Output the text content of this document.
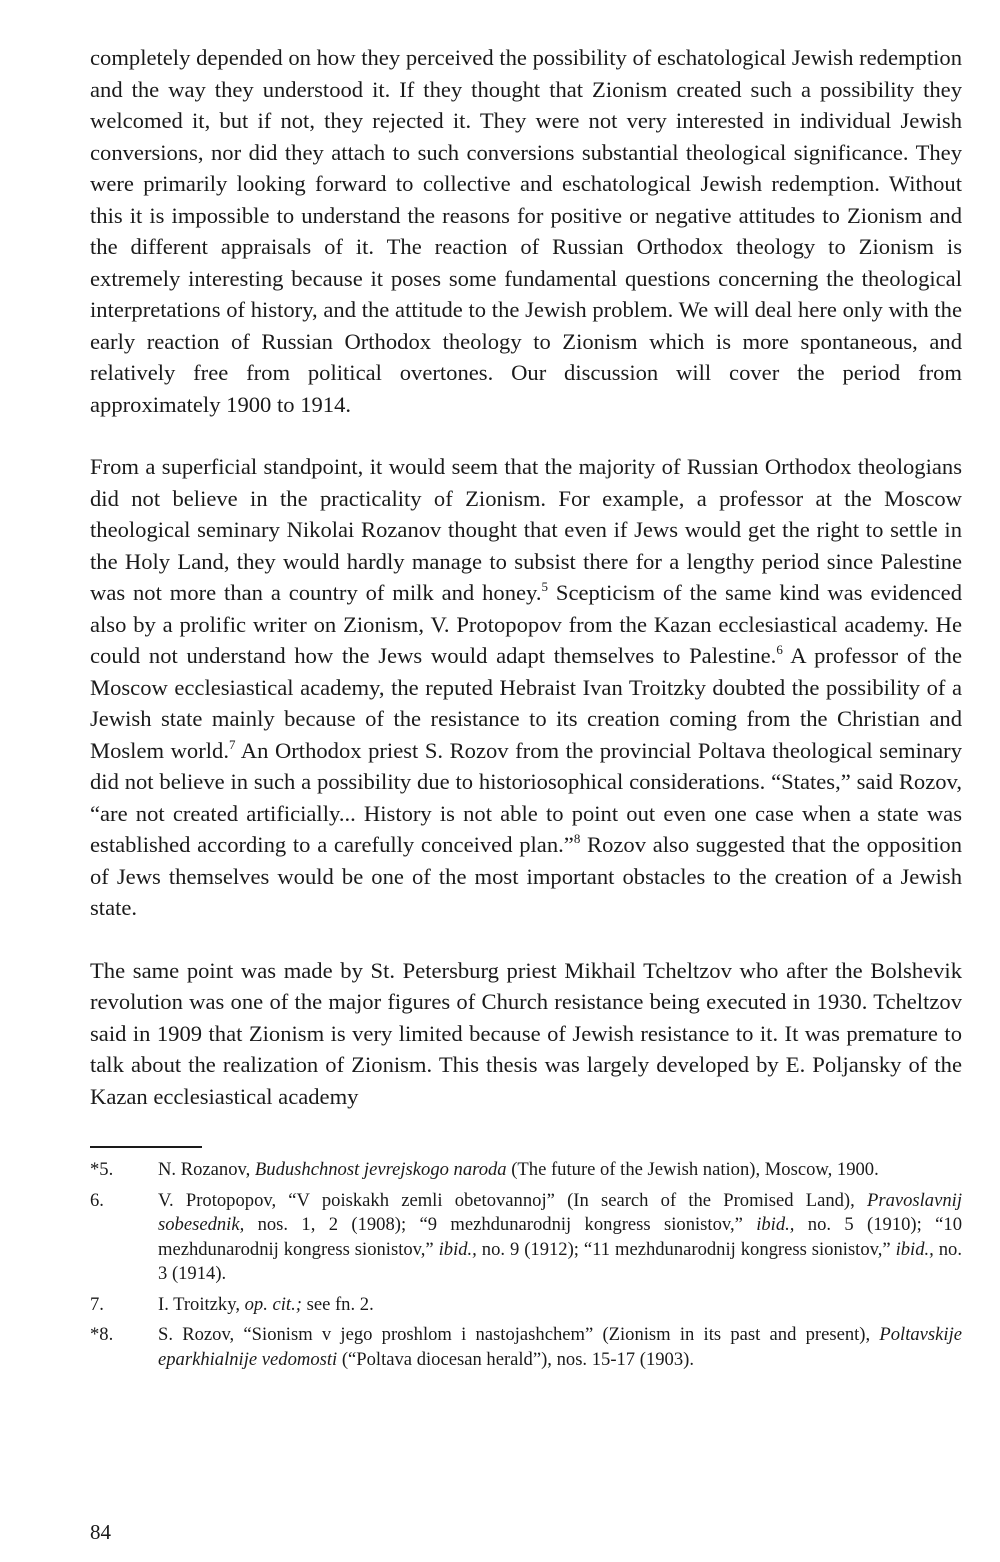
completely depended on how they perceived the possibility of eschatological Jewish redemption and the way they understood it. If they thought that Zionism created such a possibility they welcomed it, but if not, they rejected it. They were not very interested in individual Jewish conversions, nor did they attach to such conversions substantial theological significance. They were primarily looking forward to collective and eschatological Jewish redemption. Without this it is impossible to understand the reasons for positive or negative attitudes to Zionism and the different appraisals of it. The reaction of Russian Orthodox theology to Zionism is extremely interesting because it poses some fundamental questions concerning the theological interpretations of history, and the attitude to the Jewish problem. We will deal here only with the early reaction of Russian Orthodox theology to Zionism which is more spontaneous, and relatively free from political overtones. Our discussion will cover the period from approximately 1900 to 1914.

From a superficial standpoint, it would seem that the majority of Russian Orthodox theologians did not believe in the practicality of Zionism. For example, a professor at the Moscow theological seminary Nikolai Rozanov thought that even if Jews would get the right to settle in the Holy Land, they would hardly manage to subsist there for a lengthy period since Palestine was not more than a country of milk and honey.$^5$ Scepticism of the same kind was evidenced also by a prolific writer on Zionism, V. Protopopov from the Kazan ecclesiastical academy. He could not understand how the Jews would adapt themselves to Palestine.$^6$ A professor of the Moscow ecclesiastical academy, the reputed Hebraist Ivan Troitzky doubted the possibility of a Jewish state mainly because of the resistance to its creation coming from the Christian and Moslem world.$^7$ An Orthodox priest S. Rozov from the provincial Poltava theological seminary did not believe in such a possibility due to historiosophical considerations. “States,” said Rozov, “are not created artificially... History is not able to point out even one case when a state was established according to a carefully conceived plan.”$^8$ Rozov also suggested that the opposition of Jews themselves would be one of the most important obstacles to the creation of a Jewish state.

The same point was made by St. Petersburg priest Mikhail Tcheltzov who after the Bolshevik revolution was one of the major figures of Church resistance being executed in 1930. Tcheltzov said in 1909 that Zionism is very limited because of Jewish resistance to it. It was premature to talk about the realization of Zionism. This thesis was largely developed by E. Poljansky of the Kazan ecclesiastical academy

*5.	N. Rozanov, Budushchnost jevrejskogo naroda (The future of the Jewish nation), Moscow, 1900.
6.	V. Protopopov, “V poiskakh zemli obetovannoj” (In search of the Promised Land), Pravoslavnij sobesednik, nos. 1, 2 (1908); “9 mezhdunarodnij kongress sionistov,” ibid., no. 5 (1910); “10 mezhdunarodnij kongress sionistov,” ibid., no. 9 (1912); “11 mezhdunarodnij kongress sionistov,” ibid., no. 3 (1914).
7.	I. Troitzky, op. cit.; see fn. 2.
*8.	S. Rozov, “Sionism v jego proshlom i nastojashchem” (Zionism in its past and present), Poltavskije eparkhialnije vedomosti (“Poltava diocesan herald”), nos. 15-17 (1903).
84
